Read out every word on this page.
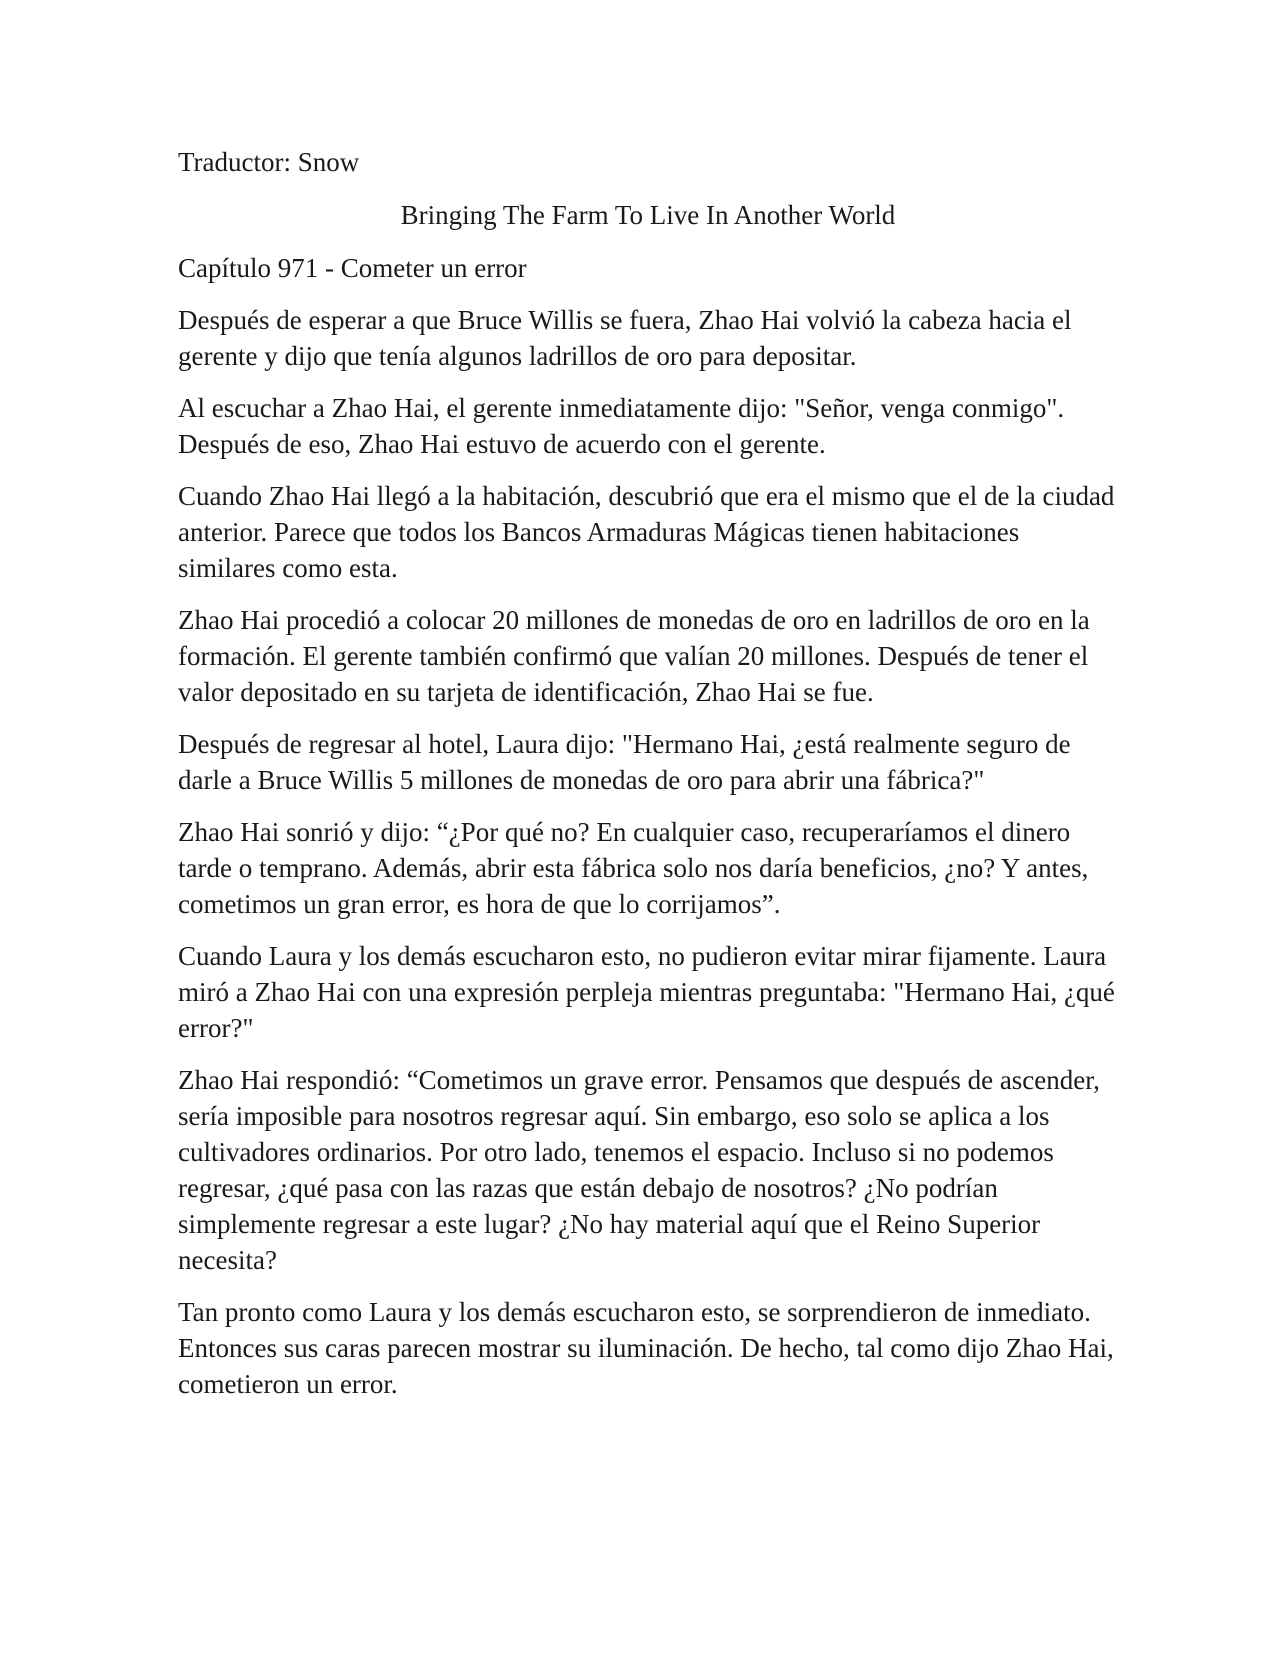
Traductor: Snow

Bringing The Farm To Live In Another World

Capítulo 971 - Cometer un error

Después de esperar a que Bruce Willis se fuera, Zhao Hai volvió la cabeza hacia el gerente y dijo que tenía algunos ladrillos de oro para depositar.

Al escuchar a Zhao Hai, el gerente inmediatamente dijo: "Señor, venga conmigo". Después de eso, Zhao Hai estuvo de acuerdo con el gerente.

Cuando Zhao Hai llegó a la habitación, descubrió que era el mismo que el de la ciudad anterior. Parece que todos los Bancos Armaduras Mágicas tienen habitaciones similares como esta.

Zhao Hai procedió a colocar 20 millones de monedas de oro en ladrillos de oro en la formación. El gerente también confirmó que valían 20 millones. Después de tener el valor depositado en su tarjeta de identificación, Zhao Hai se fue.

Después de regresar al hotel, Laura dijo: "Hermano Hai, ¿está realmente seguro de darle a Bruce Willis 5 millones de monedas de oro para abrir una fábrica?"

Zhao Hai sonrió y dijo: “¿Por qué no? En cualquier caso, recuperaríamos el dinero tarde o temprano. Además, abrir esta fábrica solo nos daría beneficios, ¿no? Y antes, cometimos un gran error, es hora de que lo corrijamos”.

Cuando Laura y los demás escucharon esto, no pudieron evitar mirar fijamente. Laura miró a Zhao Hai con una expresión perpleja mientras preguntaba: "Hermano Hai, ¿qué error?"

Zhao Hai respondió: “Cometimos un grave error. Pensamos que después de ascender, sería imposible para nosotros regresar aquí. Sin embargo, eso solo se aplica a los cultivadores ordinarios. Por otro lado, tenemos el espacio. Incluso si no podemos regresar, ¿qué pasa con las razas que están debajo de nosotros? ¿No podrían simplemente regresar a este lugar? ¿No hay material aquí que el Reino Superior necesita?

Tan pronto como Laura y los demás escucharon esto, se sorprendieron de inmediato. Entonces sus caras parecen mostrar su iluminación. De hecho, tal como dijo Zhao Hai, cometieron un error.
